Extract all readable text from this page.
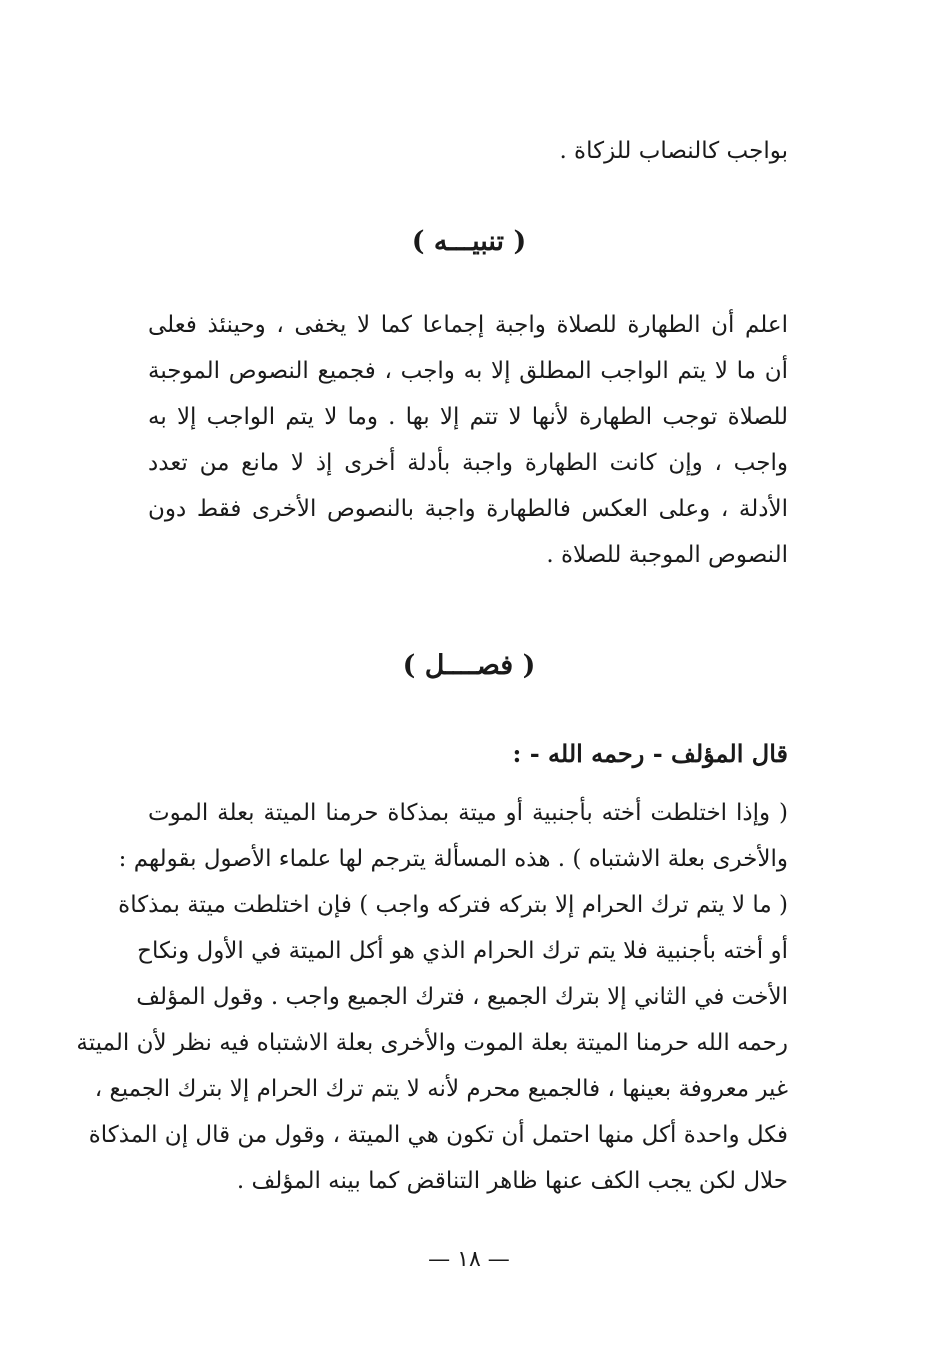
بواجب كالنصاب للزكاة .
( تنبيـــه )
اعلم أن الطهارة للصلاة واجبة إجماعا كما لا يخفى ، وحينئذ فعلى
أن ما لا يتم الواجب المطلق إلا به واجب ، فجميع النصوص الموجبة
للصلاة توجب الطهارة لأنها لا تتم إلا بها . وما لا يتم الواجب إلا به
واجب ، وإن كانت الطهارة واجبة بأدلة أخرى إذ لا مانع من تعدد
الأدلة ، وعلى العكس فالطهارة واجبة بالنصوص الأخرى فقط دون
النصوص الموجبة للصلاة .
( فصــــل )
قال المؤلف - رحمه الله - :
( وإذا اختلطت أخته بأجنبية أو ميتة بمذكاة حرمنا الميتة بعلة الموت
والأخرى بعلة الاشتباه ) . هذه المسألة يترجم لها علماء الأصول بقولهم :
( ما لا يتم ترك الحرام إلا بتركه فتركه واجب ) فإن اختلطت ميتة بمذكاة
أو أخته بأجنبية فلا يتم ترك الحرام الذي هو أكل الميتة في الأول ونكاح
الأخت في الثاني إلا بترك الجميع ، فترك الجميع واجب . وقول المؤلف
رحمه الله حرمنا الميتة بعلة الموت والأخرى بعلة الاشتباه فيه نظر لأن الميتة
غير معروفة بعينها ، فالجميع محرم لأنه لا يتم ترك الحرام إلا بترك الجميع ،
فكل واحدة أكل منها احتمل أن تكون هي الميتة ، وقول من قال إن المذكاة
حلال لكن يجب الكف عنها ظاهر التناقض كما بينه المؤلف .
— ١٨ —
